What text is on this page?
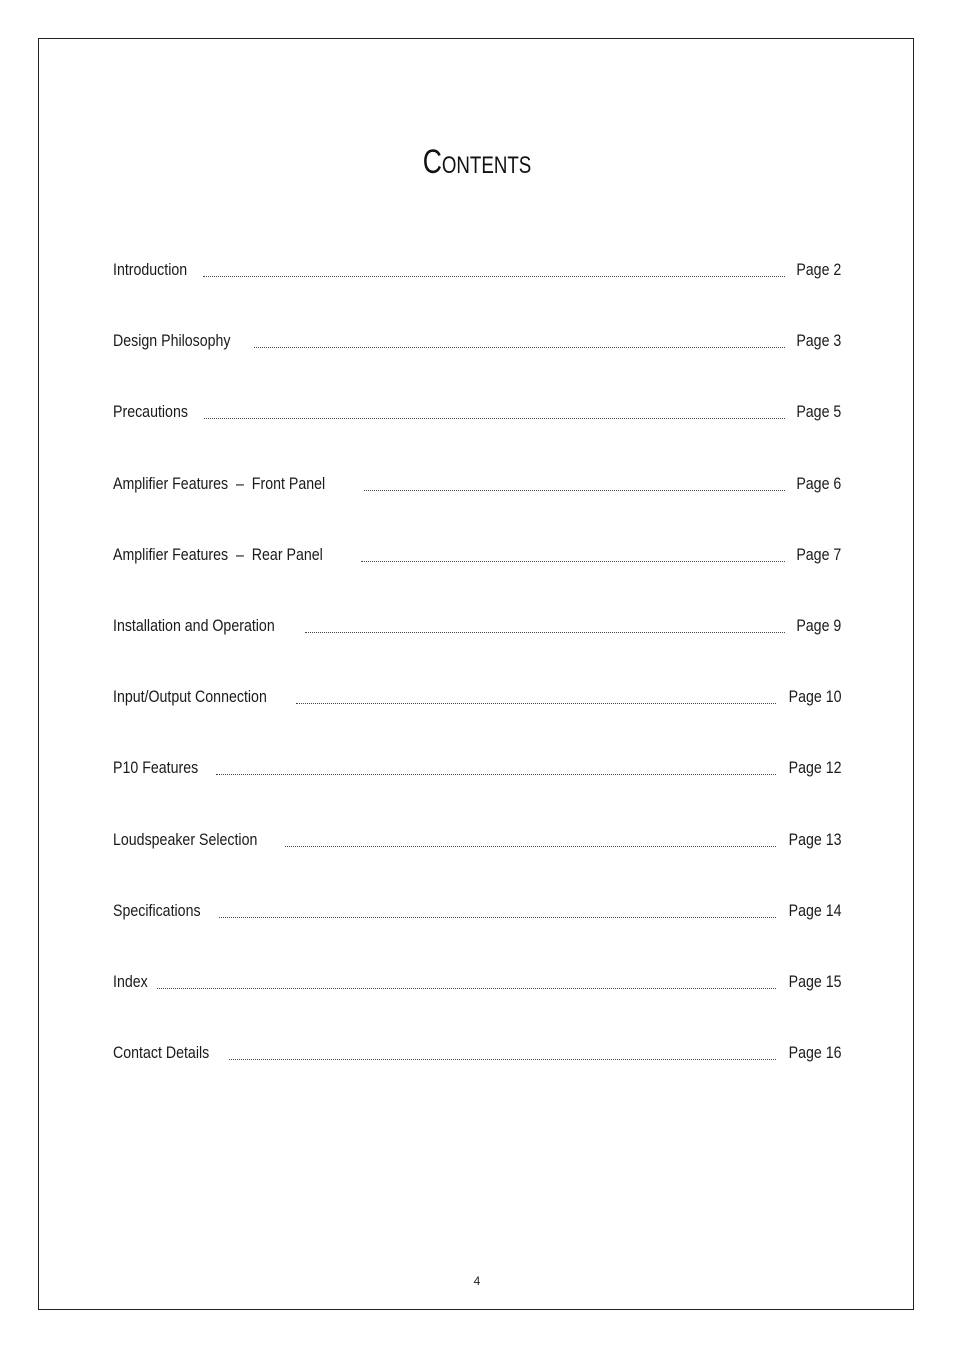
Contents
Introduction	Page 2
Design Philosophy	Page 3
Precautions	Page 5
Amplifier Features  –  Front Panel	Page 6
Amplifier Features  –  Rear Panel	Page 7
Installation and Operation	Page 9
Input/Output Connection	Page 10
P10 Features	Page 12
Loudspeaker Selection	Page 13
Specifications	Page 14
Index	Page 15
Contact Details	Page 16
4
